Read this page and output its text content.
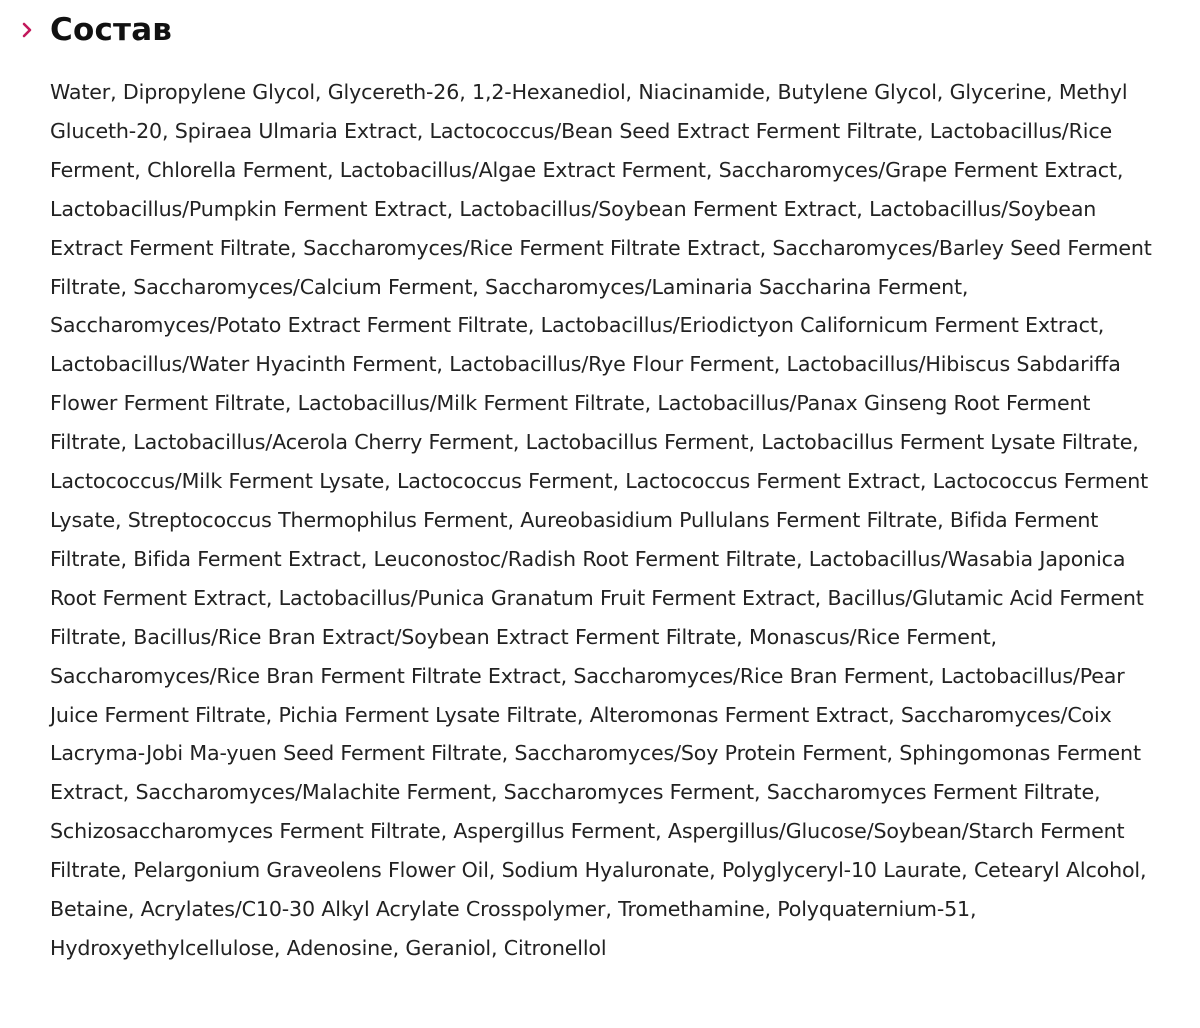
Состав

Water, Dipropylene Glycol, Glycereth-26, 1,2-Hexanediol, Niacinamide, Butylene Glycol, Glycerine, Methyl Gluceth-20, Spiraea Ulmaria Extract, Lactococcus/Bean Seed Extract Ferment Filtrate, Lactobacillus/Rice Ferment, Chlorella Ferment, Lactobacillus/Algae Extract Ferment, Saccharomyces/Grape Ferment Extract, Lactobacillus/Pumpkin Ferment Extract, Lactobacillus/Soybean Ferment Extract, Lactobacillus/Soybean Extract Ferment Filtrate, Saccharomyces/Rice Ferment Filtrate Extract, Saccharomyces/Barley Seed Ferment Filtrate, Saccharomyces/Calcium Ferment, Saccharomyces/Laminaria Saccharina Ferment, Saccharomyces/Potato Extract Ferment Filtrate, Lactobacillus/Eriodictyon Californicum Ferment Extract, Lactobacillus/Water Hyacinth Ferment, Lactobacillus/Rye Flour Ferment, Lactobacillus/Hibiscus Sabdariffa Flower Ferment Filtrate, Lactobacillus/Milk Ferment Filtrate, Lactobacillus/Panax Ginseng Root Ferment Filtrate, Lactobacillus/Acerola Cherry Ferment, Lactobacillus Ferment, Lactobacillus Ferment Lysate Filtrate, Lactococcus/Milk Ferment Lysate, Lactococcus Ferment, Lactococcus Ferment Extract, Lactococcus Ferment Lysate, Streptococcus Thermophilus Ferment, Aureobasidium Pullulans Ferment Filtrate, Bifida Ferment Filtrate, Bifida Ferment Extract, Leuconostoc/Radish Root Ferment Filtrate, Lactobacillus/Wasabia Japonica Root Ferment Extract, Lactobacillus/Punica Granatum Fruit Ferment Extract, Bacillus/Glutamic Acid Ferment Filtrate, Bacillus/Rice Bran Extract/Soybean Extract Ferment Filtrate, Monascus/Rice Ferment, Saccharomyces/Rice Bran Ferment Filtrate Extract, Saccharomyces/Rice Bran Ferment, Lactobacillus/Pear Juice Ferment Filtrate, Pichia Ferment Lysate Filtrate, Alteromonas Ferment Extract, Saccharomyces/Coix Lacryma-Jobi Ma-yuen Seed Ferment Filtrate, Saccharomyces/Soy Protein Ferment, Sphingomonas Ferment Extract, Saccharomyces/Malachite Ferment, Saccharomyces Ferment, Saccharomyces Ferment Filtrate, Schizosaccharomyces Ferment Filtrate, Aspergillus Ferment, Aspergillus/Glucose/Soybean/Starch Ferment Filtrate, Pelargonium Graveolens Flower Oil, Sodium Hyaluronate, Polyglyceryl-10 Laurate, Cetearyl Alcohol, Betaine, Acrylates/C10-30 Alkyl Acrylate Crosspolymer, Tromethamine, Polyquaternium-51, Hydroxyethylcellulose, Adenosine, Geraniol, Citronellol
